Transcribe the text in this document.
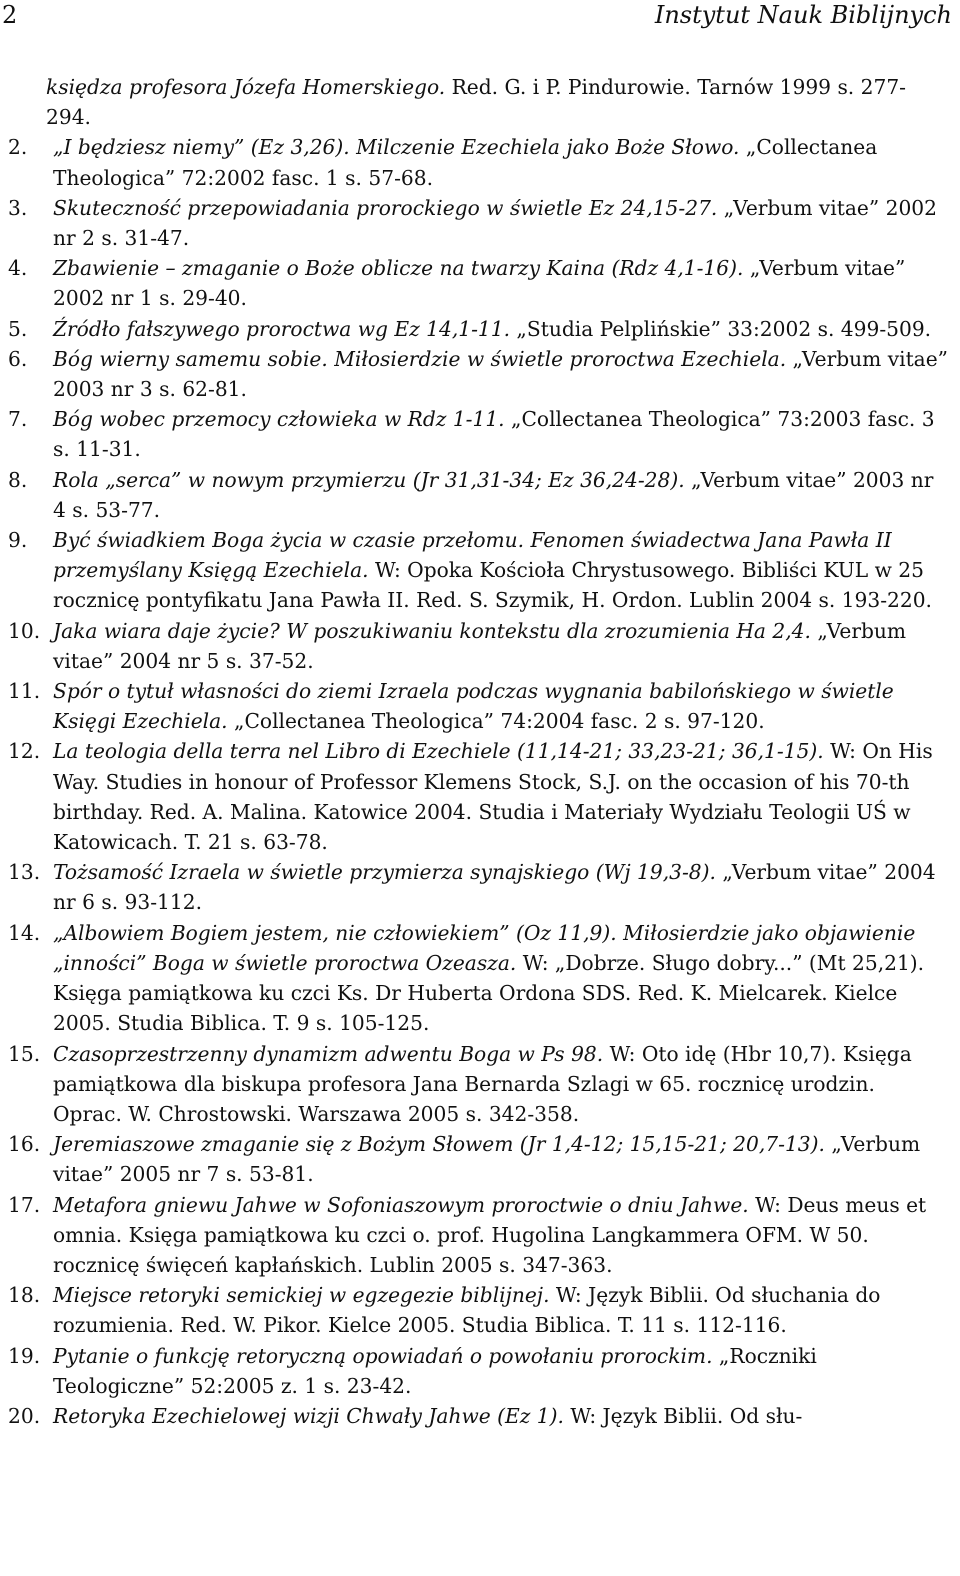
2	Instytut Nauk Biblijnych
księdza profesora Józefa Homerskiego. Red. G. i P. Pindurowie. Tarnów 1999 s. 277-294.
2. „I będziesz niemy” (Ez 3,26). Milczenie Ezechiela jako Boże Słowo. „Collectanea Theologica” 72:2002 fasc. 1 s. 57-68.
3. Skuteczność przepowiadania prorockiego w świetle Ez 24,15-27. „Verbum vitae” 2002 nr 2 s. 31-47.
4. Zbawienie – zmaganie o Boże oblicze na twarzy Kaina (Rdz 4,1-16). „Verbum vitae” 2002 nr 1 s. 29-40.
5. Źródło fałszywego proroctwa wg Ez 14,1-11. „Studia Pelplińskie” 33:2002 s. 499-509.
6. Bóg wierny samemu sobie. Miłosierdzie w świetle proroctwa Ezechiela. „Verbum vitae” 2003 nr 3 s. 62-81.
7. Bóg wobec przemocy człowieka w Rdz 1-11. „Collectanea Theologica” 73:2003 fasc. 3 s. 11-31.
8. Rola „serca” w nowym przymierzu (Jr 31,31-34; Ez 36,24-28). „Verbum vitae” 2003 nr 4 s. 53-77.
9. Być świadkiem Boga życia w czasie przełomu. Fenomen świadectwa Jana Pawła II przemyślany Księgą Ezechiela. W: Opoka Kościoła Chrystusowego. Bibliści KUL w 25 rocznicę pontyfikatu Jana Pawła II. Red. S. Szymik, H. Ordon. Lublin 2004 s. 193-220.
10. Jaka wiara daje życie? W poszukiwaniu kontekstu dla zrozumienia Ha 2,4. „Verbum vitae” 2004 nr 5 s. 37-52.
11. Spór o tytuł własności do ziemi Izraela podczas wygnania babilońskiego w świetle Księgi Ezechiela. „Collectanea Theologica” 74:2004 fasc. 2 s. 97-120.
12. La teologia della terra nel Libro di Ezechiele (11,14-21; 33,23-21; 36,1-15). W: On His Way. Studies in honour of Professor Klemens Stock, S.J. on the occasion of his 70-th birthday. Red. A. Malina. Katowice 2004. Studia i Materiały Wydziału Teologii UŚ w Katowicach. T. 21 s. 63-78.
13. Tożsamość Izraela w świetle przymierza synajskiego (Wj 19,3-8). „Verbum vitae” 2004 nr 6 s. 93-112.
14. „Albowiem Bogiem jestem, nie człowiekiem” (Oz 11,9). Miłosierdzie jako objawienie „inności” Boga w świetle proroctwa Ozeasza. W: „Dobrze. Sługo dobry...” (Mt 25,21). Księga pamiątkowa ku czci Ks. Dr Huberta Ordona SDS. Red. K. Mielcarek. Kielce 2005. Studia Biblica. T. 9 s. 105-125.
15. Czasoprzestrzenny dynamizm adwentu Boga w Ps 98. W: Oto idę (Hbr 10,7). Księga pamiątkowa dla biskupa profesora Jana Bernarda Szlagi w 65. rocznicę urodzin. Oprac. W. Chrostowski. Warszawa 2005 s. 342-358.
16. Jeremiaszowe zmaganie się z Bożym Słowem (Jr 1,4-12; 15,15-21; 20,7-13). „Verbum vitae” 2005 nr 7 s. 53-81.
17. Metafora gniewu Jahwe w Sofoniaszowym proroctwie o dniu Jahwe. W: Deus meus et omnia. Księga pamiątkowa ku czci o. prof. Hugolina Langkammera OFM. W 50. rocznicę święceń kapłańskich. Lublin 2005 s. 347-363.
18. Miejsce retoryki semickiej w egzegezie biblijnej. W: Język Biblii. Od słuchania do rozumienia. Red. W. Pikor. Kielce 2005. Studia Biblica. T. 11 s. 112-116.
19. Pytanie o funkcję retoryczną opowiadań o powołaniu prorockim. „Roczniki Teologiczne” 52:2005 z. 1 s. 23-42.
20. Retoryka Ezechielowej wizji Chwały Jahwe (Ez 1). W: Język Biblii. Od słu-
